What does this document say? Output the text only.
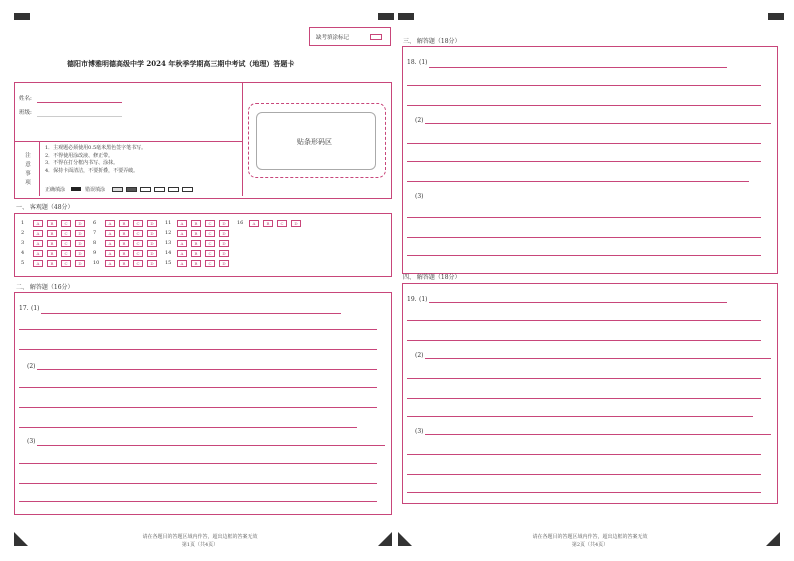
缺考填涂标记
德阳市博雅明德高级中学 2024 年秋季学期高三期中考试（地理）答题卡
姓名:
班级:
注
意
事
项
1．主观题必须使用0.5毫米黑色签字笔书写。
2．不得使用涂改液、修正带。
3．不得在打分框内书写、涂抹。
4．保持卡面清洁，不要折叠，不要弄破。
正确填涂	错误填涂
贴条形码区
一、 客观题（48分）
1	A	B	C	D
2	A	B	C	D
3	A	B	C	D
4	A	B	C	D
5	A	B	C	D
6	A	B	C	D
7	A	B	C	D
8	A	B	C	D
9	A	B	C	D
10	A	B	C	D
11	A	B	C	D
12	A	B	C	D
13	A	B	C	D
14	A	B	C	D
15	A	B	C	D
16	A	B	C	D
二、 解答题（16分）
17. (1)
(2)
(3)
请在各题目的答题区域内作答，超出边框的答案无效
第1页（共4页）
三、 解答题（18分）
18. (1)
(2)
(3)
四、 解答题（18分）
19. (1)
(2)
(3)
请在各题目的答题区域内作答，超出边框的答案无效
第2页（共4页）
